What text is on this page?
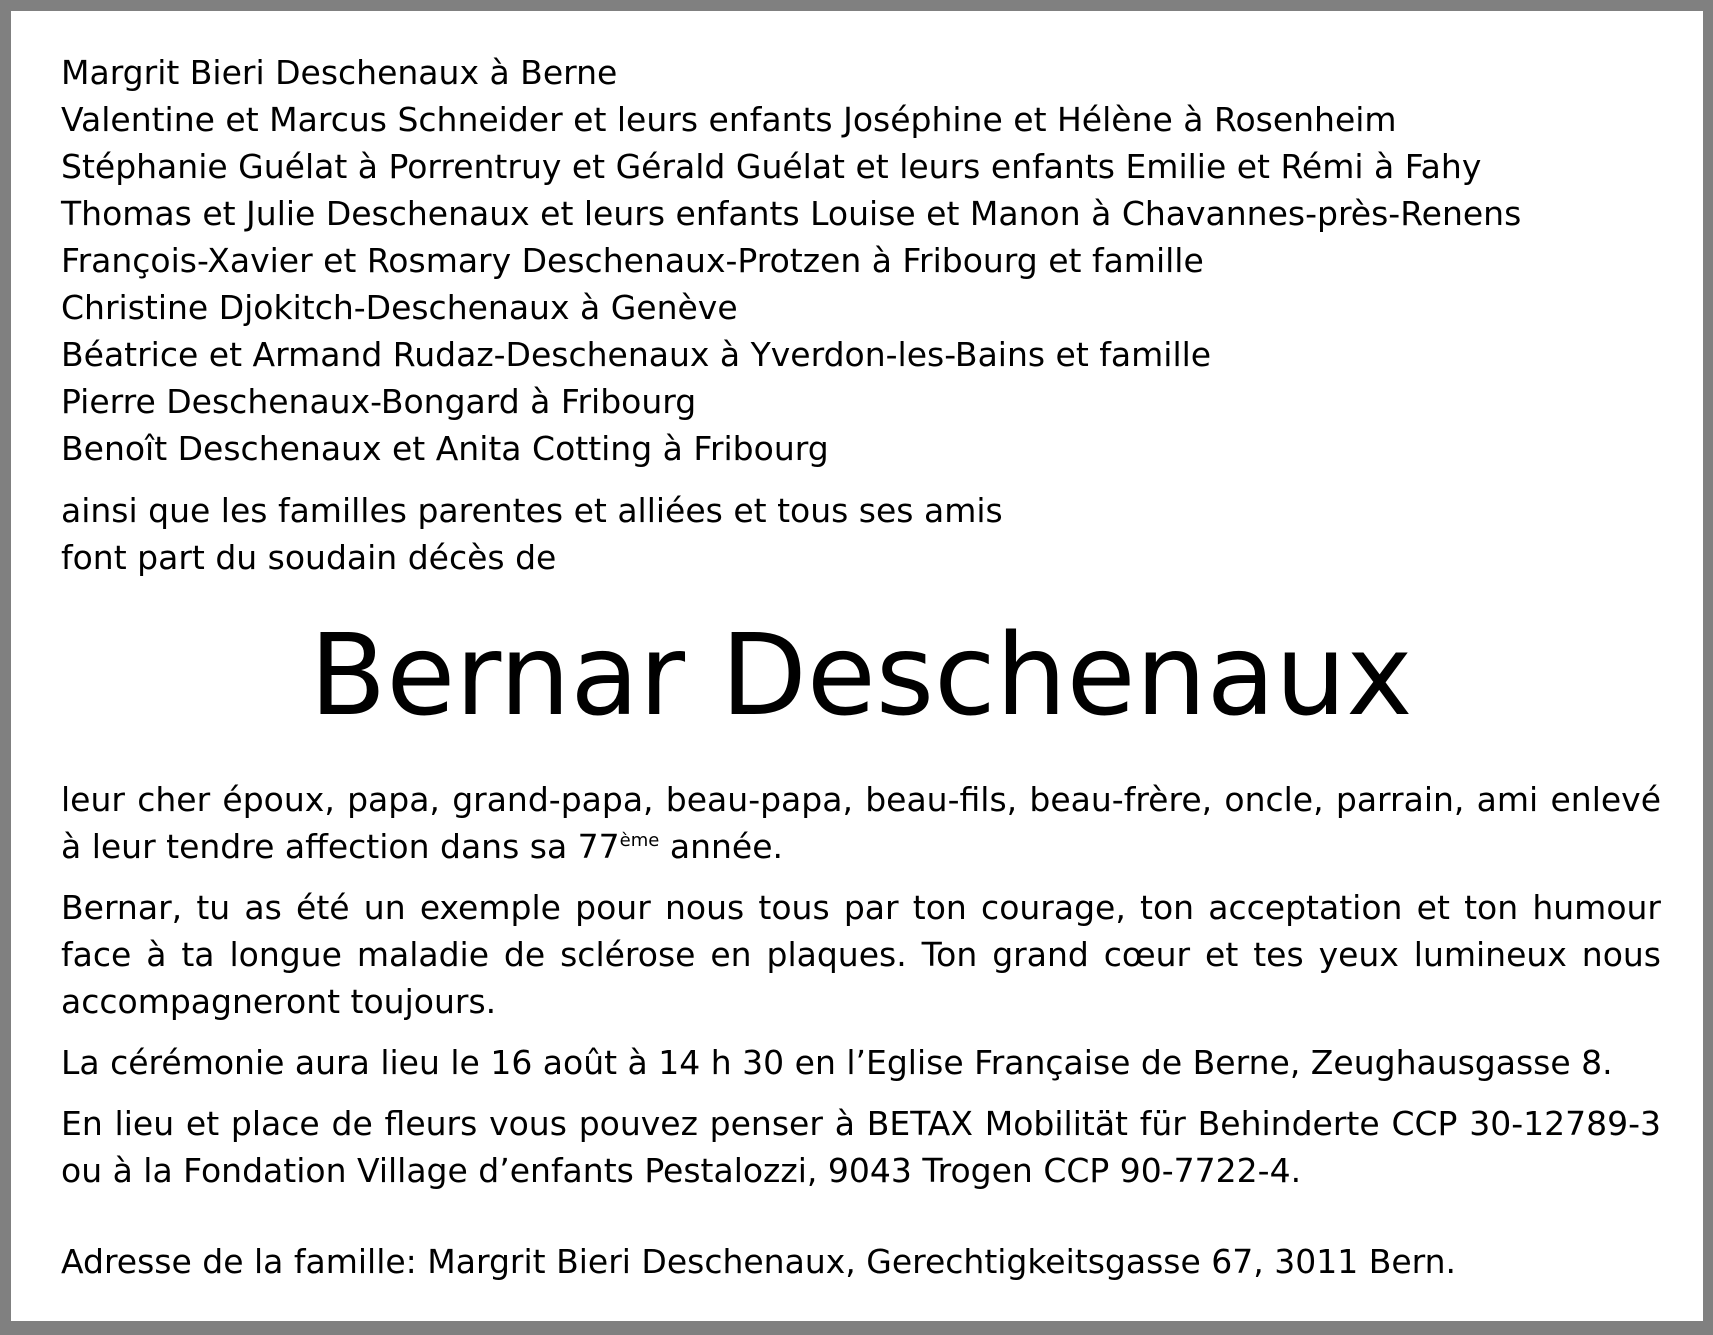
Margrit Bieri Deschenaux à Berne
Valentine et Marcus Schneider et leurs enfants Joséphine et Hélène à Rosenheim
Stéphanie Guélat à Porrentruy et Gérald Guélat et leurs enfants Emilie et Rémi à Fahy
Thomas et Julie Deschenaux et leurs enfants Louise et Manon à Chavannes-près-Renens
François-Xavier et Rosmary Deschenaux-Protzen à Fribourg et famille
Christine Djokitch-Deschenaux à Genève
Béatrice et Armand Rudaz-Deschenaux à Yverdon-les-Bains et famille
Pierre Deschenaux-Bongard à Fribourg
Benoît Deschenaux et Anita Cotting à Fribourg
ainsi que les familles parentes et alliées et tous ses amis
font part du soudain décès de
Bernar Deschenaux

leur cher époux, papa, grand-papa, beau-papa, beau-fils, beau-frère, oncle, parrain, ami enlevé à leur tendre affection dans sa 77ème année.

Bernar, tu as été un exemple pour nous tous par ton courage, ton acceptation et ton humour face à ta longue maladie de sclérose en plaques. Ton grand cœur et tes yeux lumineux nous accompagneront toujours.

La cérémonie aura lieu le 16 août à 14 h 30 en l’Eglise Française de Berne, Zeughausgasse 8.

En lieu et place de fleurs vous pouvez penser à BETAX Mobilität für Behinderte CCP 30-12789-3 ou à la Fondation Village d’enfants Pestalozzi, 9043 Trogen CCP 90-7722-4.

Adresse de la famille: Margrit Bieri Deschenaux, Gerechtigkeitsgasse 67, 3011 Bern.
